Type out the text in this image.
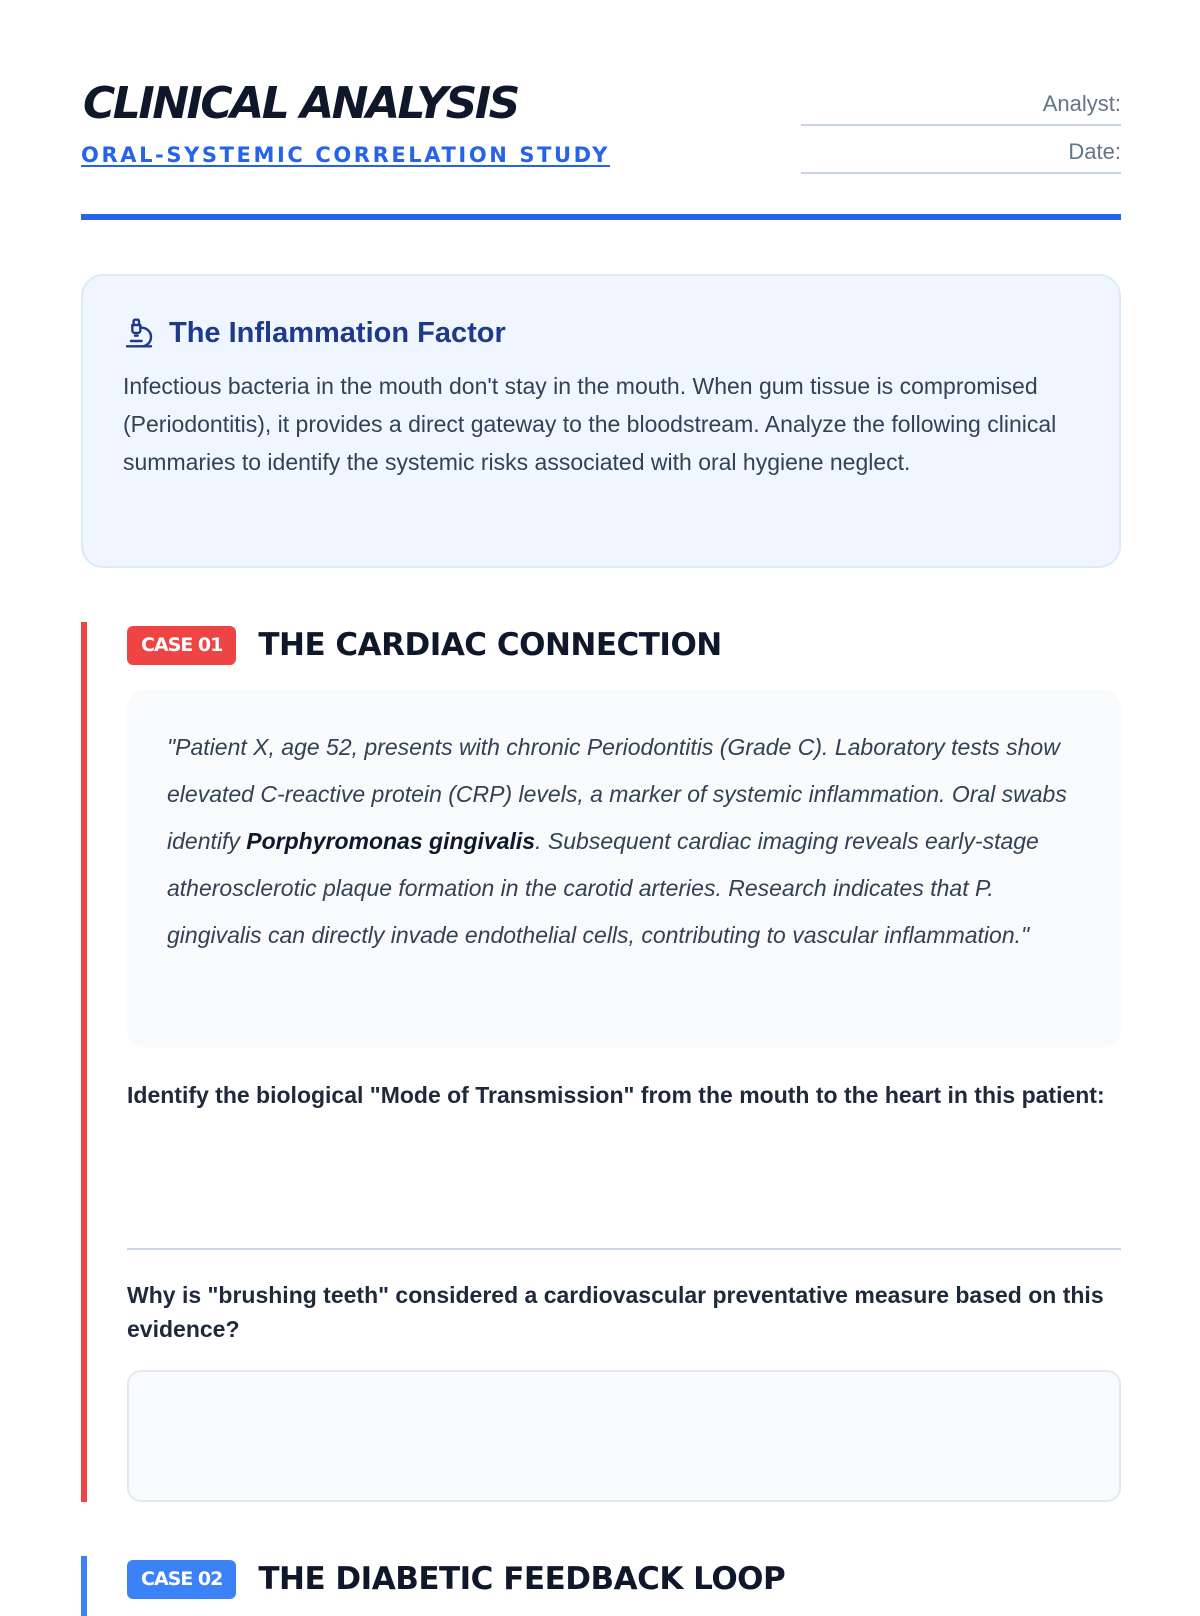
CLINICAL ANALYSIS
ORAL-SYSTEMIC CORRELATION STUDY
Analyst:
Date:
The Inflammation Factor

Infectious bacteria in the mouth don't stay in the mouth. When gum tissue is compromised (Periodontitis), it provides a direct gateway to the bloodstream. Analyze the following clinical summaries to identify the systemic risks associated with oral hygiene neglect.

CASE 01	THE CARDIAC CONNECTION
"Patient X, age 52, presents with chronic Periodontitis (Grade C). Laboratory tests show elevated C-reactive protein (CRP) levels, a marker of systemic inflammation. Oral swabs identify Porphyromonas gingivalis. Subsequent cardiac imaging reveals early-stage atherosclerotic plaque formation in the carotid arteries. Research indicates that P. gingivalis can directly invade endothelial cells, contributing to vascular inflammation."
Identify the biological "Mode of Transmission" from the mouth to the heart in this patient:
Why is "brushing teeth" considered a cardiovascular preventative measure based on this evidence?
CASE 02	THE DIABETIC FEEDBACK LOOP
